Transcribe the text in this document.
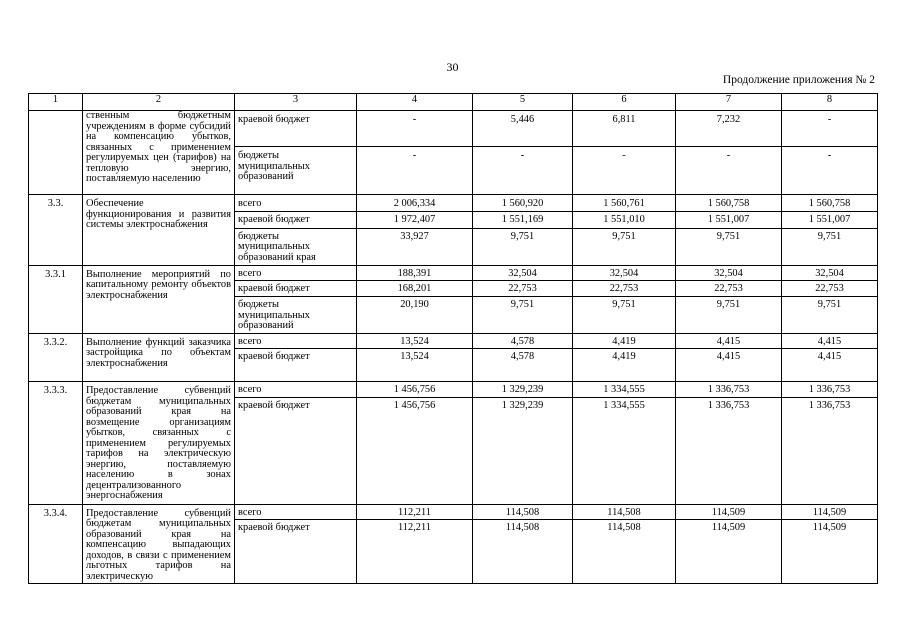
30
Продолжение приложения № 2
1	2	3	4	5	6	7	8
	ственным бюджетным учреждениям в форме субсидий на компенсацию убытков, связанных с применением регулируемых цен (тарифов) на тепловую энергию, поставляемую населению	краевой бюджет	-	5,446	6,811	7,232	-
		бюджеты муниципальных образований	-	-	-	-	-
3.3.	Обеспечение функционирования и развития системы электроснабжения	всего	2 006,334	1 560,920	1 560,761	1 560,758	1 560,758
		краевой бюджет	1 972,407	1 551,169	1 551,010	1 551,007	1 551,007
		бюджеты муниципальных образований края	33,927	9,751	9,751	9,751	9,751
3.3.1	Выполнение мероприятий по капитальному ремонту объектов электроснабжения	всего	188,391	32,504	32,504	32,504	32,504
		краевой бюджет	168,201	22,753	22,753	22,753	22,753
		бюджеты муниципальных образований	20,190	9,751	9,751	9,751	9,751
3.3.2.	Выполнение функций заказчика застройщика по объектам электроснабжения	всего	13,524	4,578	4,419	4,415	4,415
		краевой бюджет	13,524	4,578	4,419	4,415	4,415
3.3.3.	Предоставление субвенций бюджетам муниципальных образований края на возмещение организациям убытков, связанных с применением регулируемых тарифов на электрическую энергию, поставляемую населению в зонах децентрализованного энергоснабжения	всего	1 456,756	1 329,239	1 334,555	1 336,753	1 336,753
		краевой бюджет	1 456,756	1 329,239	1 334,555	1 336,753	1 336,753
3.3.4.	Предоставление субвенций бюджетам муниципальных образований края на компенсацию выпадающих доходов, в связи с применением льготных тарифов на электрическую	всего	112,211	114,508	114,508	114,509	114,509
		краевой бюджет	112,211	114,508	114,508	114,509	114,509
